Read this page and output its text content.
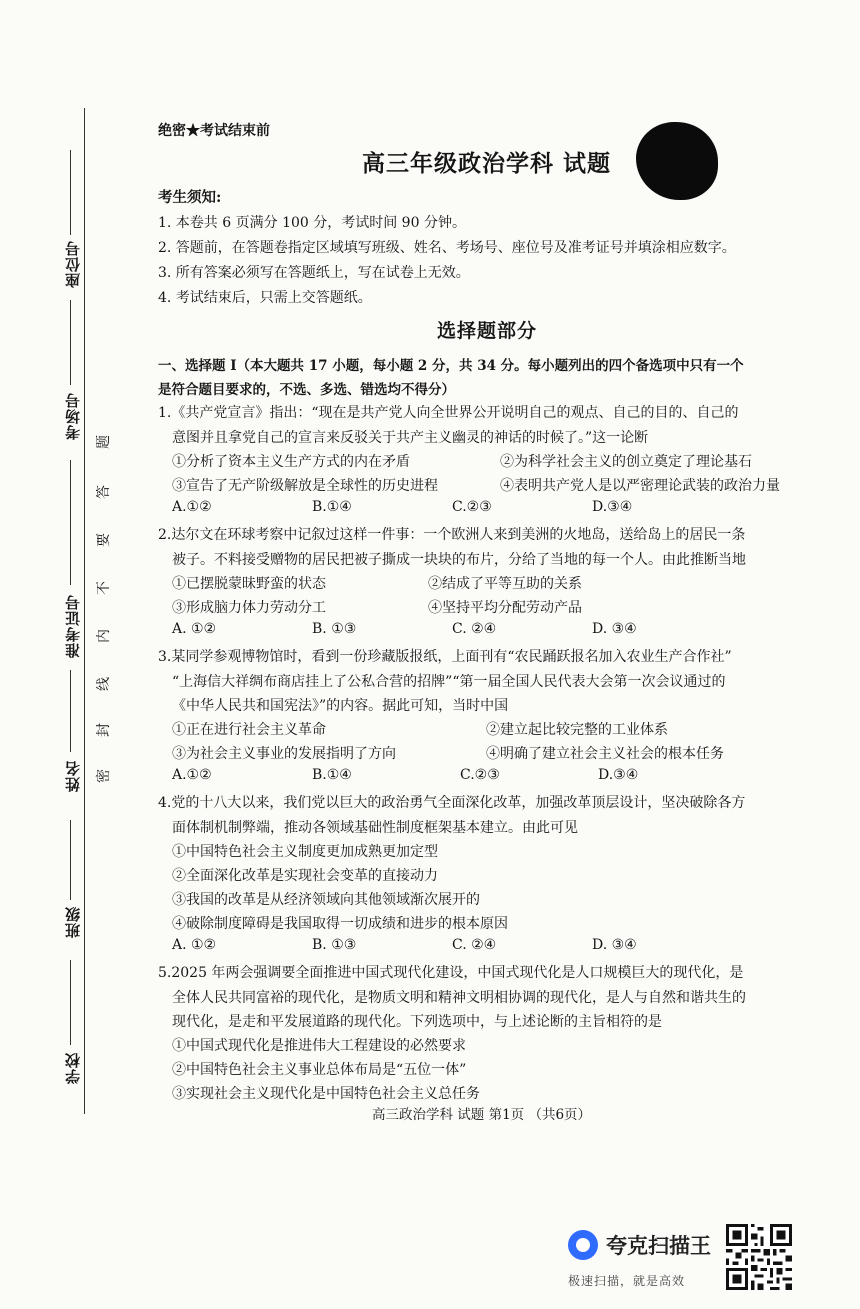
座位号
考场号
准考证号
姓名
班级
学校
题
答
要
不
内
线
封
密
绝密★考试结束前
高三年级政治学科 试题
考生须知:
1. 本卷共 6 页满分 100 分，考试时间 90 分钟。
2. 答题前，在答题卷指定区域填写班级、姓名、考场号、座位号及准考证号并填涂相应数字。
3. 所有答案必须写在答题纸上，写在试卷上无效。
4. 考试结束后，只需上交答题纸。
选择题部分
一、选择题 I（本大题共 17 小题，每小题 2 分，共 34 分。每小题列出的四个备选项中只有一个
是符合题目要求的，不选、多选、错选均不得分）
1.《共产党宣言》指出：“现在是共产党人向全世界公开说明自己的观点、自己的目的、自己的
意图并且拿党自己的宣言来反驳关于共产主义幽灵的神话的时候了。”这一论断
①分析了资本主义生产方式的内在矛盾	②为科学社会主义的创立奠定了理论基石
③宣告了无产阶级解放是全球性的历史进程	④表明共产党人是以严密理论武装的政治力量
A.①②	B.①④	C.②③	D.③④
2.达尔文在环球考察中记叙过这样一件事：一个欧洲人来到美洲的火地岛，送给岛上的居民一条
被子。不料接受赠物的居民把被子撕成一块块的布片，分给了当地的每一个人。由此推断当地
①已摆脱蒙昧野蛮的状态	②结成了平等互助的关系
③形成脑力体力劳动分工	④坚持平均分配劳动产品
A. ①②	B. ①③	C. ②④	D. ③④
3.某同学参观博物馆时，看到一份珍藏版报纸，上面刊有“农民踊跃报名加入农业生产合作社”
“上海信大祥绸布商店挂上了公私合营的招牌”“第一届全国人民代表大会第一次会议通过的
《中华人民共和国宪法》”的内容。据此可知，当时中国
①正在进行社会主义革命	②建立起比较完整的工业体系
③为社会主义事业的发展指明了方向	④明确了建立社会主义社会的根本任务
A.①②	B.①④	C.②③	D.③④
4.党的十八大以来，我们党以巨大的政治勇气全面深化改革，加强改革顶层设计，坚决破除各方
面体制机制弊端，推动各领域基础性制度框架基本建立。由此可见
①中国特色社会主义制度更加成熟更加定型
②全面深化改革是实现社会变革的直接动力
③我国的改革是从经济领域向其他领域渐次展开的
④破除制度障碍是我国取得一切成绩和进步的根本原因
A. ①②	B. ①③	C. ②④	D. ③④
5.2025 年两会强调要全面推进中国式现代化建设，中国式现代化是人口规模巨大的现代化，是
全体人民共同富裕的现代化，是物质文明和精神文明相协调的现代化，是人与自然和谐共生的
现代化，是走和平发展道路的现代化。下列选项中，与上述论断的主旨相符的是
①中国式现代化是推进伟大工程建设的必然要求
②中国特色社会主义事业总体布局是“五位一体”
③实现社会主义现代化是中国特色社会主义总任务
高三政治学科 试题 第1页 （共6页）
夸克扫描王
极速扫描，就是高效
